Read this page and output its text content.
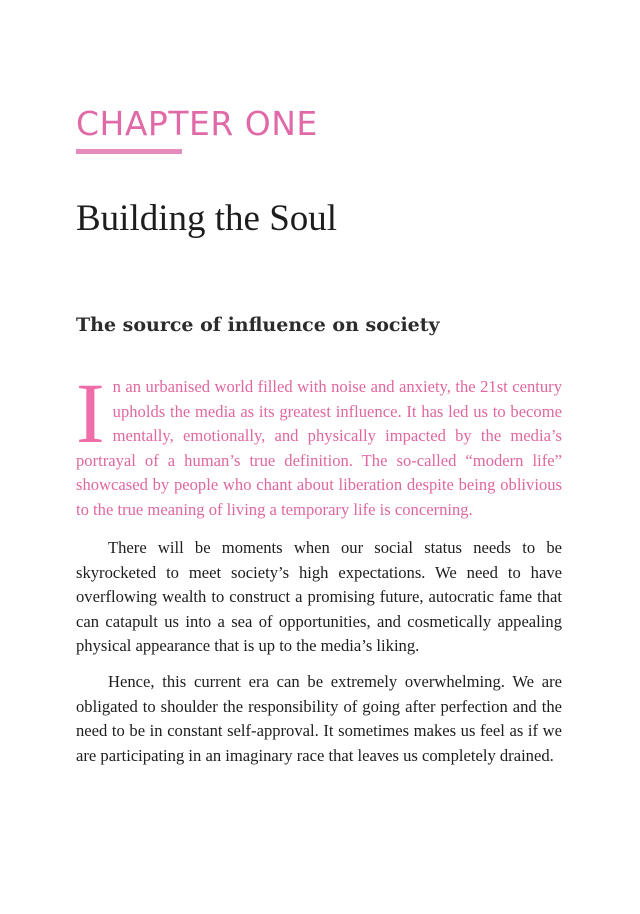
CHAPTER ONE
Building the Soul
The source of influence on society

In an urbanised world filled with noise and anxiety, the 21st century upholds the media as its greatest influence. It has led us to become mentally, emotionally, and physically impacted by the media’s portrayal of a human’s true definition. The so-called “modern life” showcased by people who chant about liberation despite being oblivious to the true meaning of living a temporary life is concerning.

There will be moments when our social status needs to be skyrocketed to meet society’s high expectations. We need to have overflowing wealth to construct a promising future, autocratic fame that can catapult us into a sea of opportunities, and cosmetically appealing physical appearance that is up to the media’s liking.

Hence, this current era can be extremely overwhelming. We are obligated to shoulder the responsibility of going after perfection and the need to be in constant self-approval. It sometimes makes us feel as if we are participating in an imaginary race that leaves us completely drained.
